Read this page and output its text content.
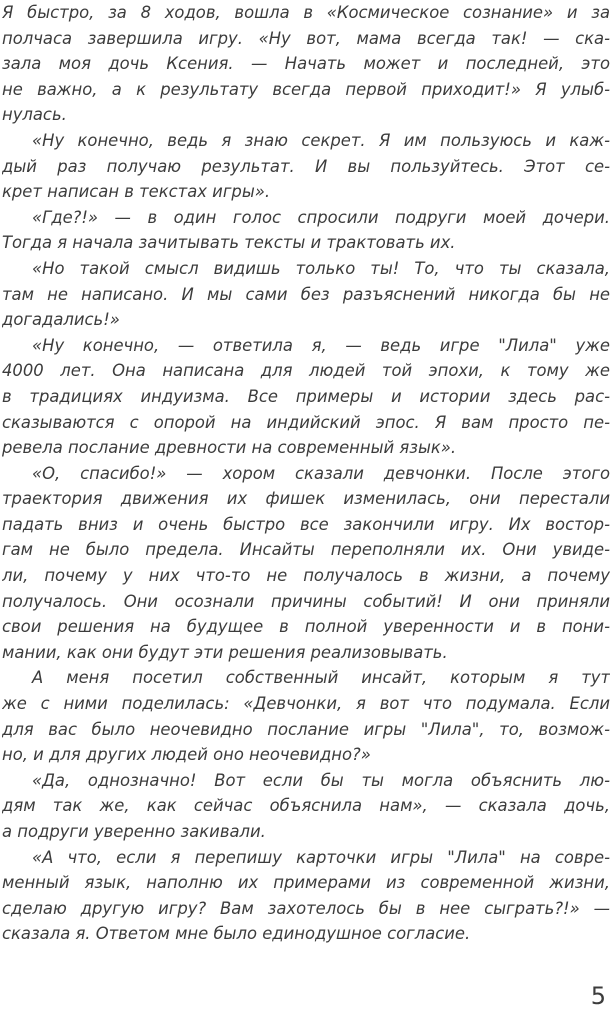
Я быстро, за 8 ходов, вошла в «Космическое сознание» и за
полчаса завершила игру. «Ну вот, мама всегда так! — ска-
зала моя дочь Ксения. — Начать может и последней, это
не важно, а к результату всегда первой приходит!» Я улыб-
нулась.
«Ну конечно, ведь я знаю секрет. Я им пользуюсь и каж-
дый раз получаю результат. И вы пользуйтесь. Этот се-
крет написан в текстах игры».
«Где?!» — в один голос спросили подруги моей дочери.
Тогда я начала зачитывать тексты и трактовать их.
«Но такой смысл видишь только ты! То, что ты сказала,
там не написано. И мы сами без разъяснений никогда бы не
догадались!»
«Ну конечно, — ответила я, — ведь игре "Лила" уже
4000 лет. Она написана для людей той эпохи, к тому же
в традициях индуизма. Все примеры и истории здесь рас-
сказываются с опорой на индийский эпос. Я вам просто пе-
ревела послание древности на современный язык».
«О, спасибо!» — хором сказали девчонки. После этого
траектория движения их фишек изменилась, они перестали
падать вниз и очень быстро все закончили игру. Их востор-
гам не было предела. Инсайты переполняли их. Они увиде-
ли, почему у них что-то не получалось в жизни, а почему
получалось. Они осознали причины событий! И они приняли
свои решения на будущее в полной уверенности и в пони-
мании, как они будут эти решения реализовывать.
А меня посетил собственный инсайт, которым я тут
же с ними поделилась: «Девчонки, я вот что подумала. Если
для вас было неочевидно послание игры "Лила", то, возмож-
но, и для других людей оно неочевидно?»
«Да, однозначно! Вот если бы ты могла объяснить лю-
дям так же, как сейчас объяснила нам», — сказала дочь,
а подруги уверенно закивали.
«А что, если я перепишу карточки игры "Лила" на совре-
менный язык, наполню их примерами из современной жизни,
сделаю другую игру? Вам захотелось бы в нее сыграть?!» —
сказала я. Ответом мне было единодушное согласие.
5
